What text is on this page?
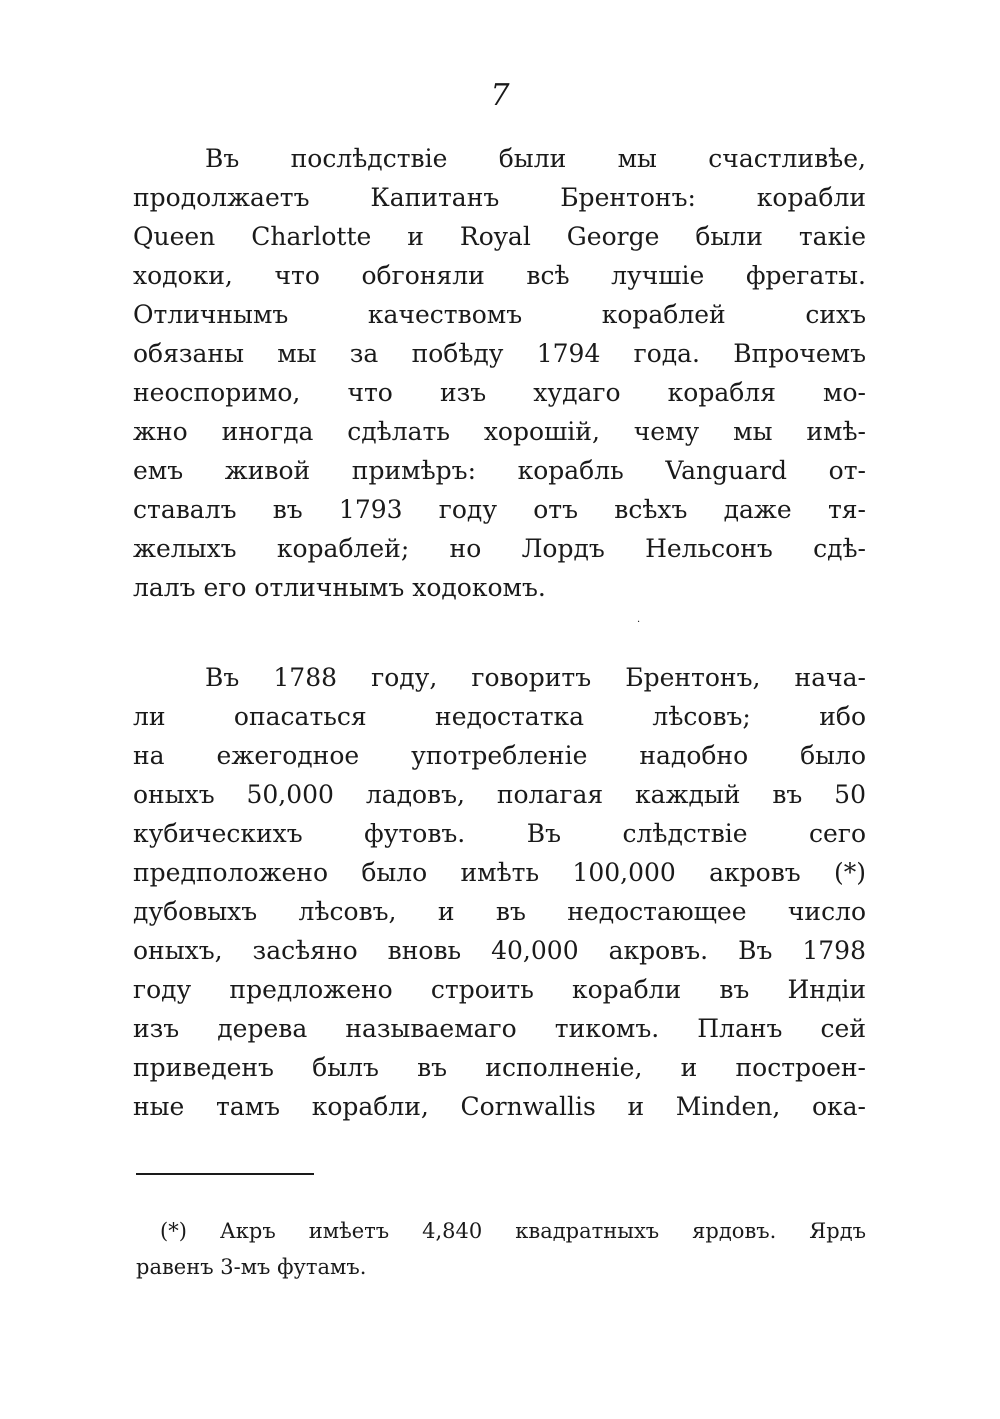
7
Въ послѣдствіе были мы счастливѣе,
продолжаетъ Капитанъ Брентонъ: корабли
Queen Charlotte и Royal George были такіе
ходоки, что обгоняли всѣ лучшіе фрегаты.
Отличнымъ качествомъ кораблей сихъ
обязаны мы за побѣду 1794 года. Впрочемъ
неоспоримо, что изъ худаго корабля мо-
жно иногда сдѣлать хорошій, чему мы имѣ-
емъ живой примѣръ: корабль Vanguard от-
ставалъ въ 1793 году отъ всѣхъ даже тя-
желыхъ кораблей; но Лордъ Нельсонъ сдѣ-
лалъ его отличнымъ ходокомъ.
·
Въ 1788 году, говоритъ Брентонъ, нача-
ли опасаться недостатка лѣсовъ; ибо
на ежегодное употребленіе надобно было
оныхъ 50,000 ладовъ, полагая каждый въ 50
кубическихъ футовъ. Въ слѣдствіе сего
предположено было имѣть 100,000 акровъ (*)
дубовыхъ лѣсовъ, и въ недостающее число
оныхъ, засѣяно вновь 40,000 акровъ. Въ 1798
году предложено строить корабли въ Индіи
изъ дерева называемаго тикомъ. Планъ сей
приведенъ былъ въ исполненіе, и построен-
ные тамъ корабли, Cornwallis и Minden, ока-
(*) Акръ имѣетъ 4,840 квадратныхъ ярдовъ. Ярдъ
равенъ 3-мъ футамъ.
